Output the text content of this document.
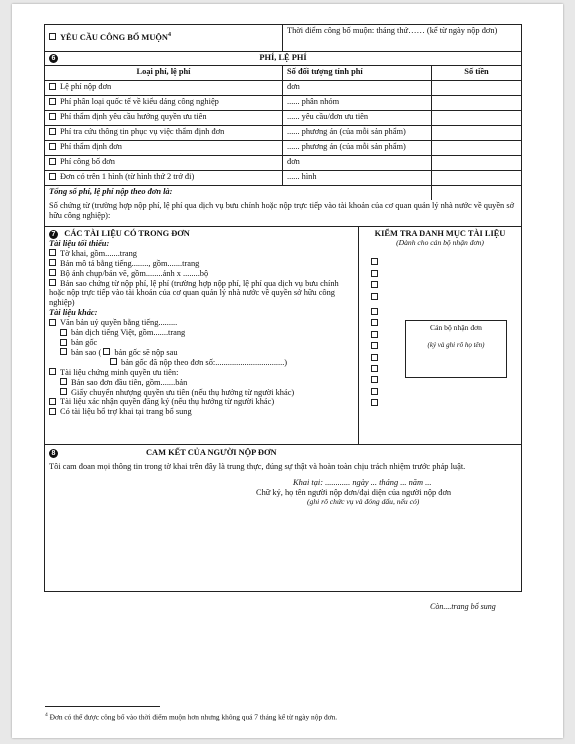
YÊU CẦU CÔNG BỐ MUỘN$^4$	Thời điểm công bố muộn: tháng thứ…… (kể từ ngày nộp đơn)
6	PHÍ, LỆ PHÍ
Loại phí, lệ phí	Số đối tượng tính phí	Số tiền
Lệ phí nộp đơn	đơn
Phí phân loại quốc tế về kiểu dáng công nghiệp	...... phân nhóm
Phí thẩm định yêu cầu hưởng quyền ưu tiên	...... yêu cầu/đơn ưu tiên
Phí tra cứu thông tin phục vụ việc thẩm định đơn	...... phương án (của mỗi sản phẩm)
Phí thẩm định đơn	...... phương án (của mỗi sản phẩm)
Phí công bố đơn	đơn
Đơn có trên 1 hình (từ hình thứ 2 trở đi)	...... hình
Tổng số phí, lệ phí nộp theo đơn là:
Số chứng từ (trường hợp nộp phí, lệ phí qua dịch vụ bưu chính hoặc nộp trực tiếp vào tài khoản của cơ quan quản lý nhà nước về quyền sở hữu công nghiệp):
7 CÁC TÀI LIỆU CÓ TRONG ĐƠN
Tài liệu tối thiểu:
Tờ khai, gồm.......trang
Bản mô tả bằng tiếng........, gồm.......trang
Bộ ảnh chụp/bản vẽ, gồm........ảnh x ........bộ
Bản sao chứng từ nộp phí, lệ phí (trường hợp nộp phí, lệ phí qua dịch vụ bưu chính hoặc nộp trực tiếp vào tài khoản của cơ quan quản lý nhà nước về quyền sở hữu công nghiệp)
Tài liệu khác:
Văn bản uỷ quyền bằng tiếng.........
bản dịch tiếng Việt, gồm.......trang
bản gốc
bản sao ( bản gốc sẽ nộp sau
bản gốc đã nộp theo đơn số:.................................)
Tài liệu chứng minh quyền ưu tiên:
Bản sao đơn đầu tiên, gồm.......bản
Giấy chuyển nhượng quyền ưu tiên (nếu thụ hưởng từ người khác)
Tài liệu xác nhận quyền đăng ký (nếu thụ hưởng từ người khác)
Có tài liệu bổ trợ khai tại trang bổ sung
KIỂM TRA DANH MỤC TÀI LIỆU
(Dành cho cán bộ nhận đơn)
Cán bộ nhận đơn
(ký và ghi rõ họ tên)
8	CAM KẾT CỦA NGƯỜI NỘP ĐƠN
Tôi cam đoan mọi thông tin trong tờ khai trên đây là trung thực, đúng sự thật và hoàn toàn chịu trách nhiệm trước pháp luật.
Khai tại: ............ ngày ... tháng ... năm ...
Chữ ký, họ tên người nộp đơn/đại diện của người nộp đơn
(ghi rõ chức vụ và đóng dấu, nếu có)
Còn....trang bổ sung
$^4$ Đơn có thể được công bố vào thời điểm muộn hơn nhưng không quá 7 tháng kể từ ngày nộp đơn.
